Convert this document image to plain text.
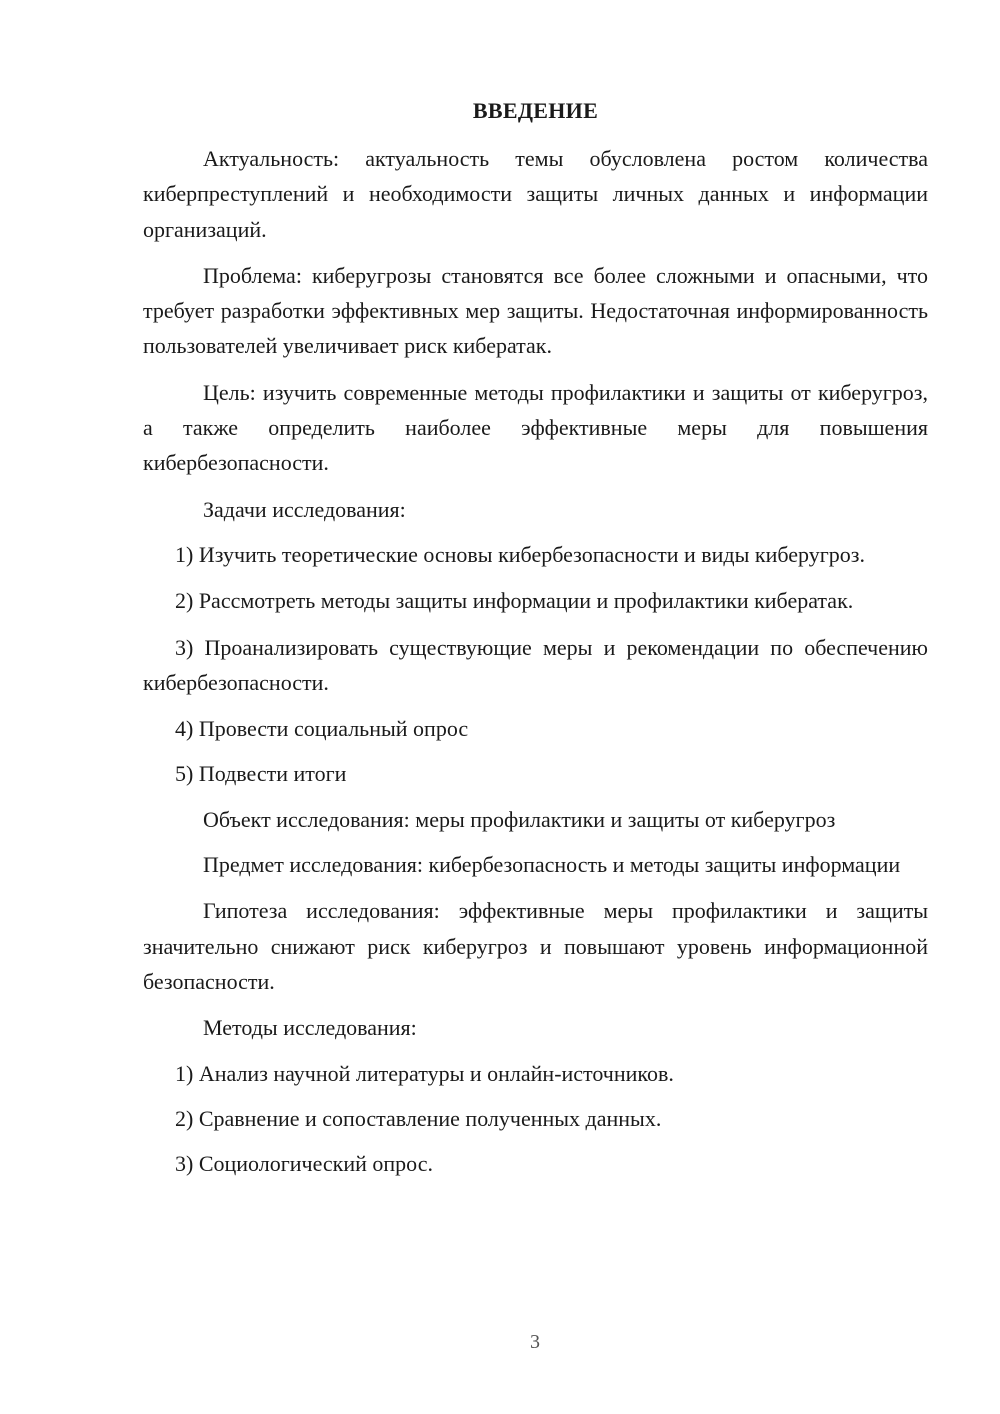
ВВЕДЕНИЕ
Актуальность: актуальность темы обусловлена ростом количества киберпреступлений и необходимости защиты личных данных и информации организаций.
Проблема: киберугрозы становятся все более сложными и опасными, что требует разработки эффективных мер защиты. Недостаточная информированность пользователей увеличивает риск кибератак.
Цель: изучить современные методы профилактики и защиты от киберугроз, а также определить наиболее эффективные меры для повышения кибербезопасности.
Задачи исследования:
1) Изучить теоретические основы кибербезопасности и виды киберугроз.
2) Рассмотреть методы защиты информации и профилактики кибератак.
3) Проанализировать существующие меры и рекомендации по обеспечению кибербезопасности.
4) Провести социальный опрос
5) Подвести итоги
Объект исследования: меры профилактики и защиты от киберугроз
Предмет исследования: кибербезопасность и методы защиты информации
Гипотеза исследования: эффективные меры профилактики и защиты значительно снижают риск киберугроз и повышают уровень информационной безопасности.
Методы исследования:
1) Анализ научной литературы и онлайн-источников.
2) Сравнение и сопоставление полученных данных.
3) Социологический опрос.
3
